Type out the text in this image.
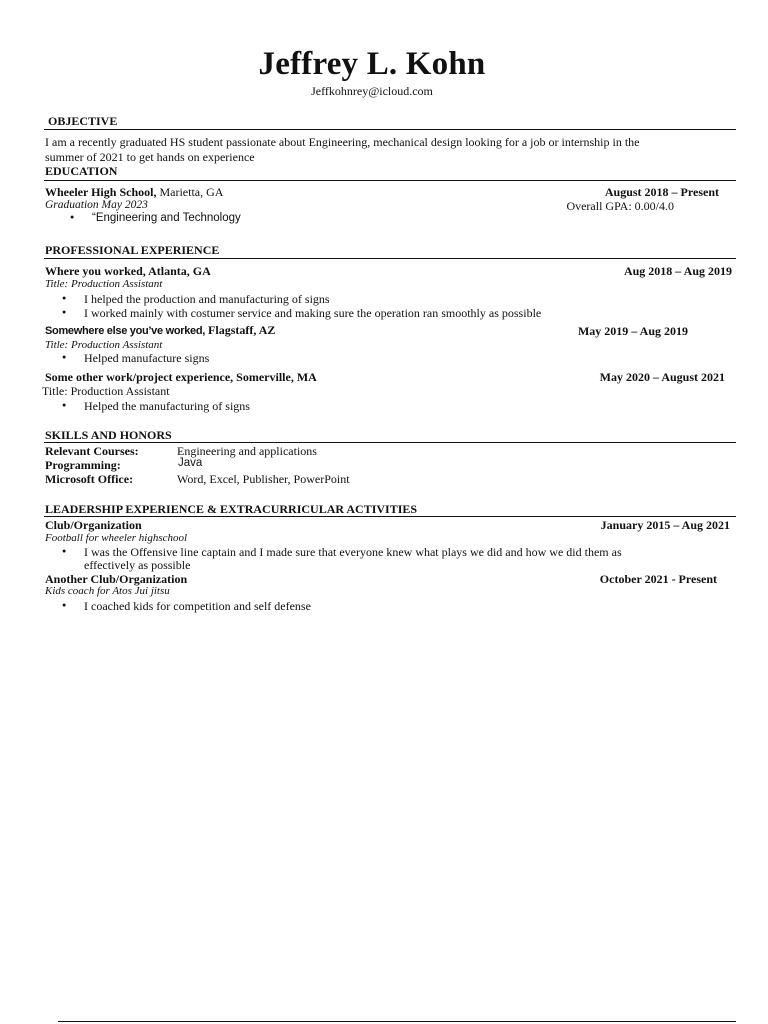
Jeffrey L. Kohn
Jeffkohnrey@icloud.com
OBJECTIVE
I am a recently graduated HS student passionate about Engineering, mechanical design looking for a job or internship in the
summer of 2021 to get hands on experience
EDUCATION
Wheeler High School, Marietta, GA	August 2018 – Present
Graduation May 2023	Overall GPA: 0.00/4.0
● “Engineering and Technology
PROFESSIONAL EXPERIENCE
Where you worked, Atlanta, GA	Aug 2018 – Aug 2019
Title: Production Assistant
● I helped the production and manufacturing of signs
● I worked mainly with costumer service and making sure the operation ran smoothly as possible
Somewhere else you’ve worked, Flagstaff, AZ	May 2019 – Aug 2019
Title: Production Assistant
● Helped manufacture signs
Some other work/project experience, Somerville, MA	May 2020 – August 2021
Title: Production Assistant
● Helped the manufacturing of signs
SKILLS AND HONORS
Relevant Courses:	Engineering and applications
Programming:	Java
Microsoft Office:	Word, Excel, Publisher, PowerPoint
LEADERSHIP EXPERIENCE & EXTRACURRICULAR ACTIVITIES
Club/Organization	January 2015 – Aug 2021
Football for wheeler highschool
● I was the Offensive line captain and I made sure that everyone knew what plays we did and how we did them as
effectively as possible
Another Club/Organization	October 2021 - Present
Kids coach for Atos Jui jitsu
● I coached kids for competition and self defense
